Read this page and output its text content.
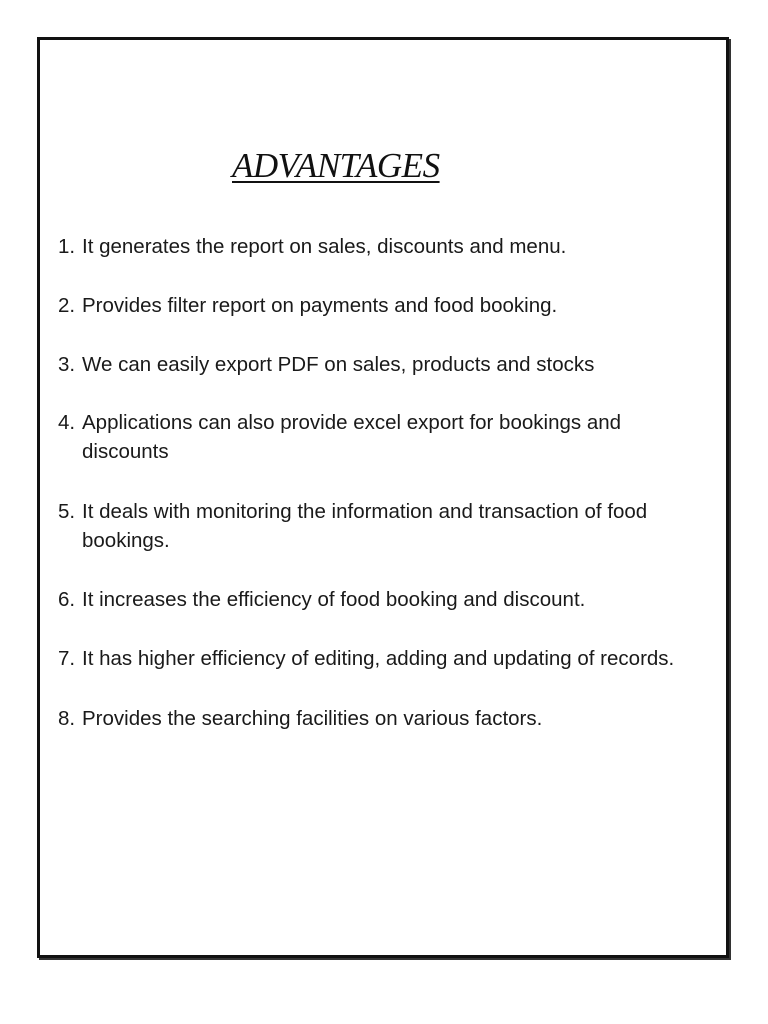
ADVANTAGES
1. It generates the report on sales, discounts and menu.
2. Provides filter report on payments and food booking.
3. We can easily export PDF on sales, products and stocks
4. Applications can also provide excel export for bookings and discounts
5. It deals with monitoring the information and transaction of food bookings.
6. It increases the efficiency of food booking and discount.
7. It has higher efficiency of editing, adding and updating of records.
8. Provides the searching facilities on various factors.
